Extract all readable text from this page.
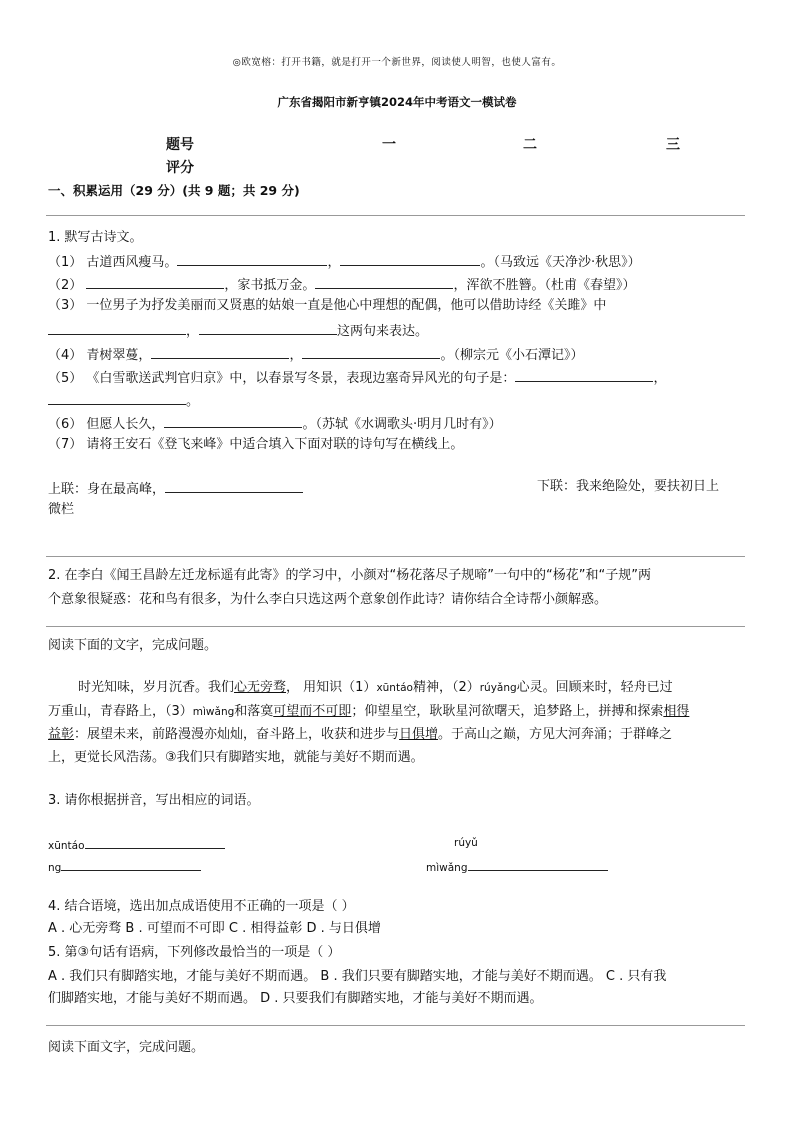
◎欧宽榕：打开书籍，就是打开一个新世界，阅读使人明智，也使人富有。
广东省揭阳市新亨镇2024年中考语文一模试卷
题号	一	二	三
评分
一、积累运用（29 分）(共 9 题；共 29 分)
1. 默写古诗文。
（1） 古道西风瘦马。	，	。（马致远《天净沙·秋思》）
（2）	，家书抵万金。	，浑欲不胜簪。（杜甫《春望》）
（3） 一位男子为抒发美丽而又贤惠的姑娘一直是他心中理想的配偶，他可以借助诗经《关雎》中
，	这两句来表达。
（4） 青树翠蔓，	，	。（柳宗元《小石潭记》）
（5） 《白雪歌送武判官归京》中，以春景写冬景，表现边塞奇异风光的句子是：	，
。
（6） 但愿人长久，	。（苏轼《水调歌头·明月几时有》）
（7） 请将王安石《登飞来峰》中适合填入下面对联的诗句写在横线上。
上联：身在最高峰，	下联：我来绝险处，要扶初日上
微栏
2. 在李白《闻王昌龄左迁龙标遥有此寄》的学习中，小颜对“杨花落尽子规啼”一句中的“杨花”和“子规”两
个意象很疑惑：花和鸟有很多，为什么李白只选这两个意象创作此诗？请你结合全诗帮小颜解惑。
阅读下面的文字，完成问题。
时光知味，岁月沉香。我们心无旁骛， 用知识（1）xūntáo精神，（2）rúyǎng心灵。回顾来时，轻舟已过
万重山，青春路上，（3）mìwǎng和落寞可望而不可即；仰望星空，耿耿星河欲曙天，追梦路上，拼搏和探索相得
益彰：展望未来，前路漫漫亦灿灿，奋斗路上，收获和进步与日俱增。于高山之巅，方见大河奔涌；于群峰之
上，更觉长风浩荡。③我们只有脚踏实地，就能与美好不期而遇。
3. 请你根据拼音，写出相应的词语。
xūntáo	rúyǔ
ng	mìwǎng
4. 结合语境，选出加点成语使用不正确的一项是（ ）
A . 心无旁骛 B . 可望而不可即 C . 相得益彰 D . 与日俱增
5. 第③句话有语病，下列修改最恰当的一项是（ ）
A . 我们只有脚踏实地，才能与美好不期而遇。 B . 我们只要有脚踏实地，才能与美好不期而遇。 C . 只有我
们脚踏实地，才能与美好不期而遇。 D . 只要我们有脚踏实地，才能与美好不期而遇。
阅读下面文字，完成问题。
